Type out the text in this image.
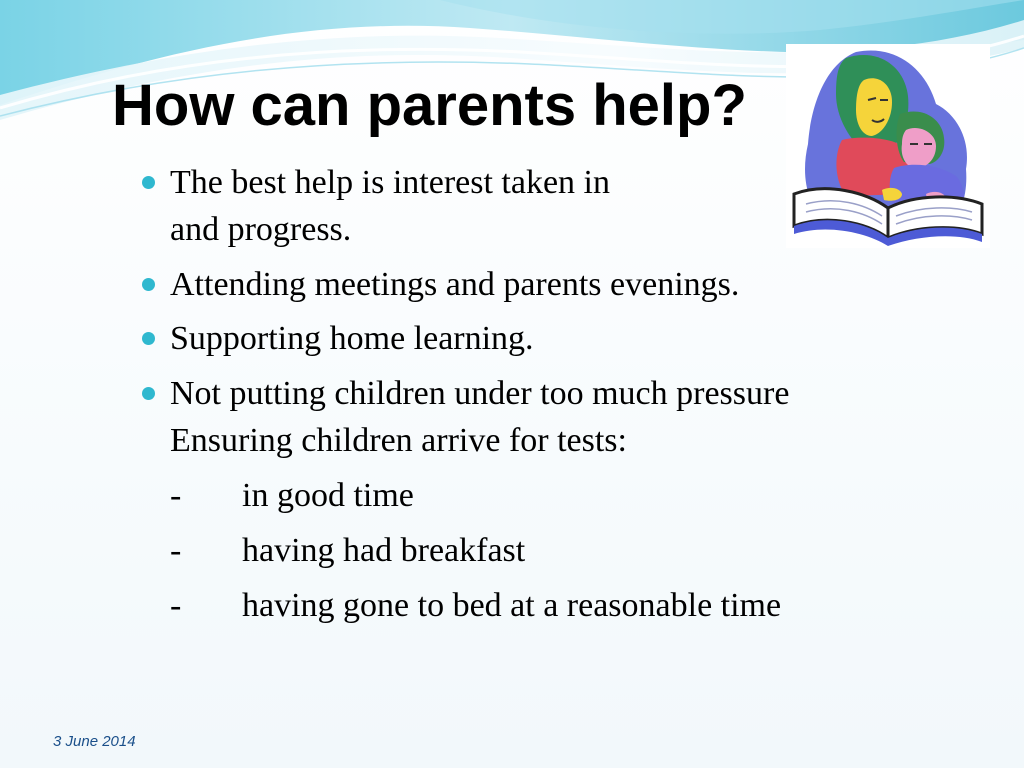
How can parents help?
The best help is interest taken in
and progress.
Attending meetings and parents evenings.
Supporting home learning.
Not putting children under too much pressure
Ensuring children arrive for tests:
- in good time
- having had breakfast
- having gone to bed at a reasonable time
3 June 2014
